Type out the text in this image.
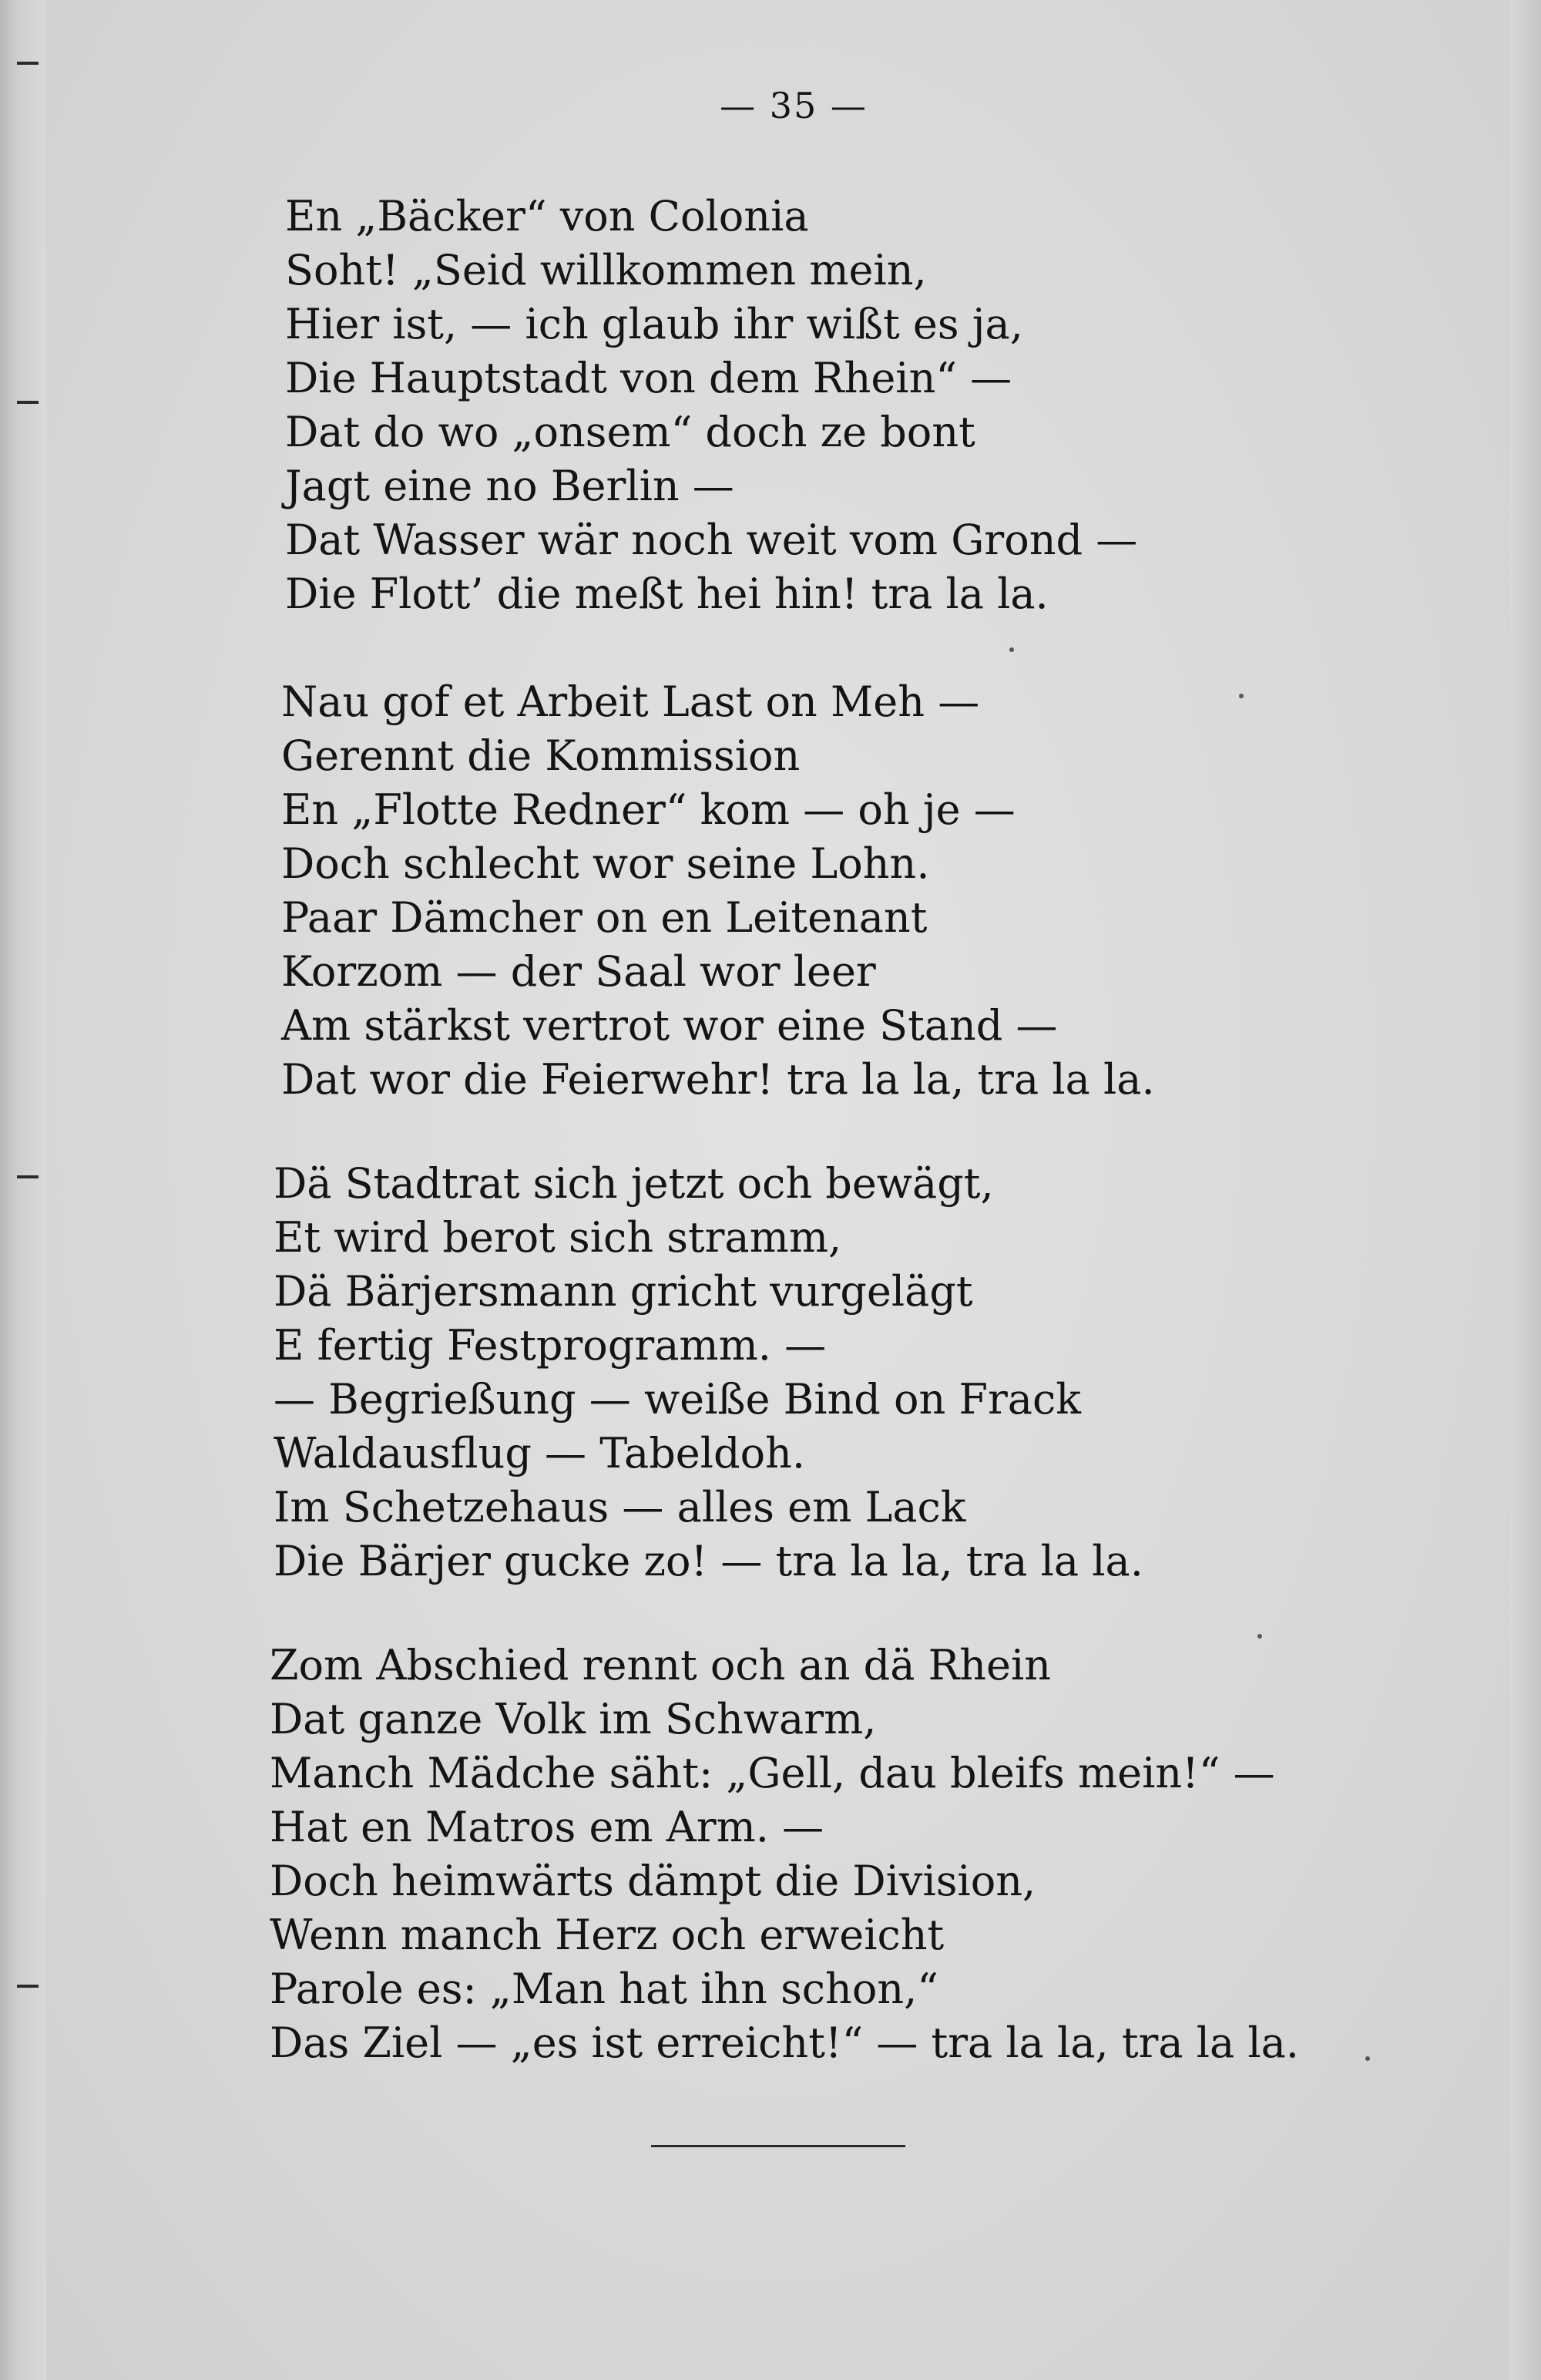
— 35 —
En „Bäcker“ von Colonia
Soht! „Seid willkommen mein,
Hier ist, — ich glaub ihr wißt es ja,
Die Hauptstadt von dem Rhein“ —
Dat do wo „onsem“ doch ze bont
Jagt eine no Berlin —
Dat Wasser wär noch weit vom Grond —
Die Flott’ die meßt hei hin! tra la la.
Nau gof et Arbeit Last on Meh —
Gerennt die Kommission
En „Flotte Redner“ kom — oh je —
Doch schlecht wor seine Lohn.
Paar Dämcher on en Leitenant
Korzom — der Saal wor leer
Am stärkst vertrot wor eine Stand —
Dat wor die Feierwehr! tra la la, tra la la.
Dä Stadtrat sich jetzt och bewägt,
Et wird berot sich stramm,
Dä Bärjersmann gricht vurgelägt
E fertig Festprogramm. —
— Begrießung — weiße Bind on Frack
Waldausflug — Tabeldoh.
Im Schetzehaus — alles em Lack
Die Bärjer gucke zo! — tra la la, tra la la.
Zom Abschied rennt och an dä Rhein
Dat ganze Volk im Schwarm,
Manch Mädche säht: „Gell, dau bleifs mein!“ —
Hat en Matros em Arm. —
Doch heimwärts dämpt die Division,
Wenn manch Herz och erweicht
Parole es: „Man hat ihn schon,“
Das Ziel — „es ist erreicht!“ — tra la la, tra la la.
